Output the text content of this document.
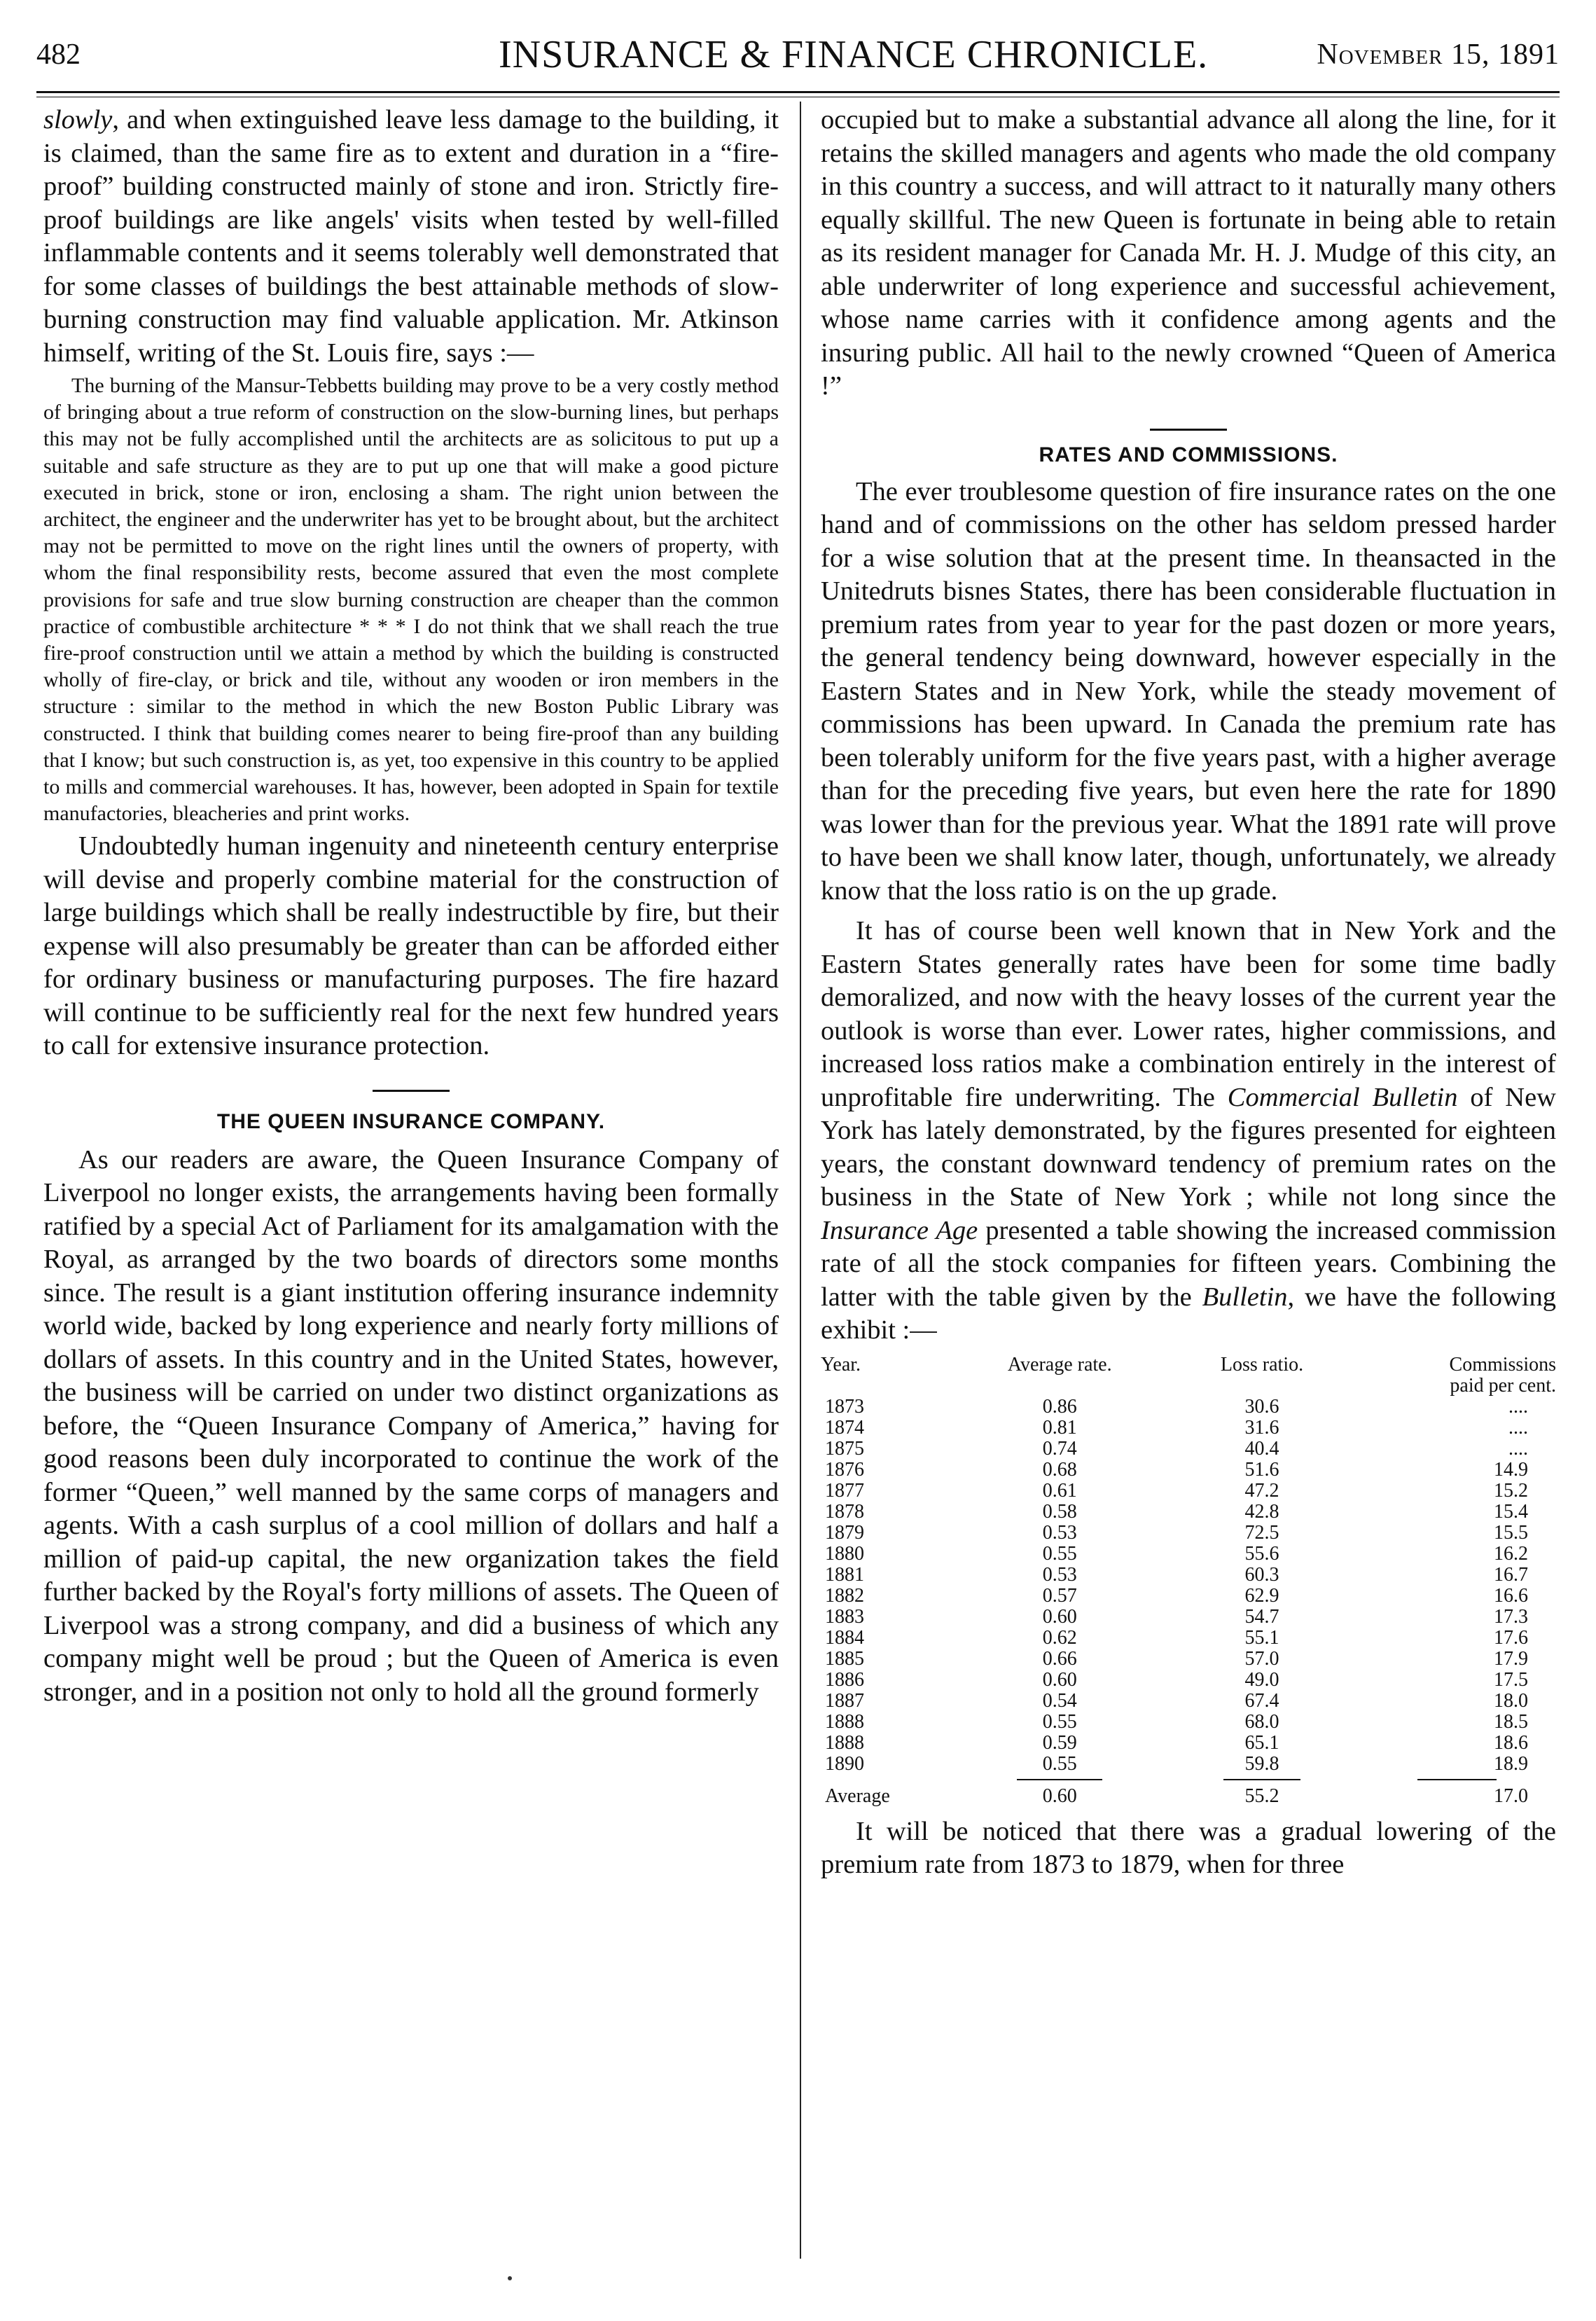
482	INSURANCE & FINANCE CHRONICLE.	November 15, 1891

slowly, and when extinguished leave less damage to the building, it is claimed, than the same fire as to extent and duration in a “fire-proof” building constructed mainly of stone and iron. Strictly fire-proof buildings are like angels' visits when tested by well-filled inflammable contents and it seems tolerably well demonstrated that for some classes of buildings the best attainable methods of slow-burning construction may find valuable application. Mr. Atkinson himself, writing of the St. Louis fire, says :—

The burning of the Mansur-Tebbetts building may prove to be a very costly method of bringing about a true reform of construction on the slow-burning lines, but perhaps this may not be fully accomplished until the architects are as solicitous to put up a suitable and safe structure as they are to put up one that will make a good picture executed in brick, stone or iron, enclosing a sham. The right union between the architect, the engineer and the underwriter has yet to be brought about, but the architect may not be permitted to move on the right lines until the owners of property, with whom the final responsibility rests, become assured that even the most complete provisions for safe and true slow burning construction are cheaper than the common practice of combustible architecture * * * I do not think that we shall reach the true fire-proof construction until we attain a method by which the building is constructed wholly of fire-clay, or brick and tile, without any wooden or iron members in the structure : similar to the method in which the new Boston Public Library was constructed. I think that building comes nearer to being fire-proof than any building that I know; but such construction is, as yet, too expensive in this country to be applied to mills and commercial warehouses. It has, however, been adopted in Spain for textile manufactories, bleacheries and print works.

Undoubtedly human ingenuity and nineteenth century enterprise will devise and properly combine material for the construction of large buildings which shall be really indestructible by fire, but their expense will also presumably be greater than can be afforded either for ordinary business or manufacturing purposes. The fire hazard will continue to be sufficiently real for the next few hundred years to call for extensive insurance protection.

THE QUEEN INSURANCE COMPANY.

As our readers are aware, the Queen Insurance Company of Liverpool no longer exists, the arrangements having been formally ratified by a special Act of Parliament for its amalgamation with the Royal, as arranged by the two boards of directors some months since. The result is a giant institution offering insurance indemnity world wide, backed by long experience and nearly forty millions of dollars of assets. In this country and in the United States, however, the business will be carried on under two distinct organizations as before, the “Queen Insurance Company of America,” having for good reasons been duly incorporated to continue the work of the former “Queen,” well manned by the same corps of managers and agents. With a cash surplus of a cool million of dollars and half a million of paid-up capital, the new organization takes the field further backed by the Royal's forty millions of assets. The Queen of Liverpool was a strong company, and did a business of which any company might well be proud ; but the Queen of America is even stronger, and in a position not only to hold all the ground formerly

occupied but to make a substantial advance all along the line, for it retains the skilled managers and agents who made the old company in this country a success, and will attract to it naturally many others equally skillful. The new Queen is fortunate in being able to retain as its resident manager for Canada Mr. H. J. Mudge of this city, an able underwriter of long experience and successful achievement, whose name carries with it confidence among agents and the insuring public. All hail to the newly crowned “Queen of America !”

RATES AND COMMISSIONS.

The ever troublesome question of fire insurance rates on the one hand and of commissions on the other has seldom pressed harder for a wise solution that at the present time. In theansacted in the Unitedruts bisnes States, there has been considerable fluctuation in premium rates from year to year for the past dozen or more years, the general tendency being downward, however especially in the Eastern States and in New York, while the steady movement of commissions has been upward. In Canada the premium rate has been tolerably uniform for the five years past, with a higher average than for the preceding five years, but even here the rate for 1890 was lower than for the previous year. What the 1891 rate will prove to have been we shall know later, though, unfortunately, we already know that the loss ratio is on the up grade.

It has of course been well known that in New York and the Eastern States generally rates have been for some time badly demoralized, and now with the heavy losses of the current year the outlook is worse than ever. Lower rates, higher commissions, and increased loss ratios make a combination entirely in the interest of unprofitable fire underwriting. The Commercial Bulletin of New York has lately demonstrated, by the figures presented for eighteen years, the constant downward tendency of premium rates on the business in the State of New York ; while not long since the Insurance Age presented a table showing the increased commission rate of all the stock companies for fifteen years. Combining the latter with the table given by the Bulletin, we have the following exhibit :—

Year.	Average rate.	Loss ratio.	Commissions
paid per cent.
1873	0.86	30.6	....
1874	0.81	31.6	....
1875	0.74	40.4	....
1876	0.68	51.6	14.9
1877	0.61	47.2	15.2
1878	0.58	42.8	15.4
1879	0.53	72.5	15.5
1880	0.55	55.6	16.2
1881	0.53	60.3	16.7
1882	0.57	62.9	16.6
1883	0.60	54.7	17.3
1884	0.62	55.1	17.6
1885	0.66	57.0	17.9
1886	0.60	49.0	17.5
1887	0.54	67.4	18.0
1888	0.55	68.0	18.5
1888	0.59	65.1	18.6
1890	0.55	59.8	18.9

Average	0.60	55.2	17.0

It will be noticed that there was a gradual lowering of the premium rate from 1873 to 1879, when for three
